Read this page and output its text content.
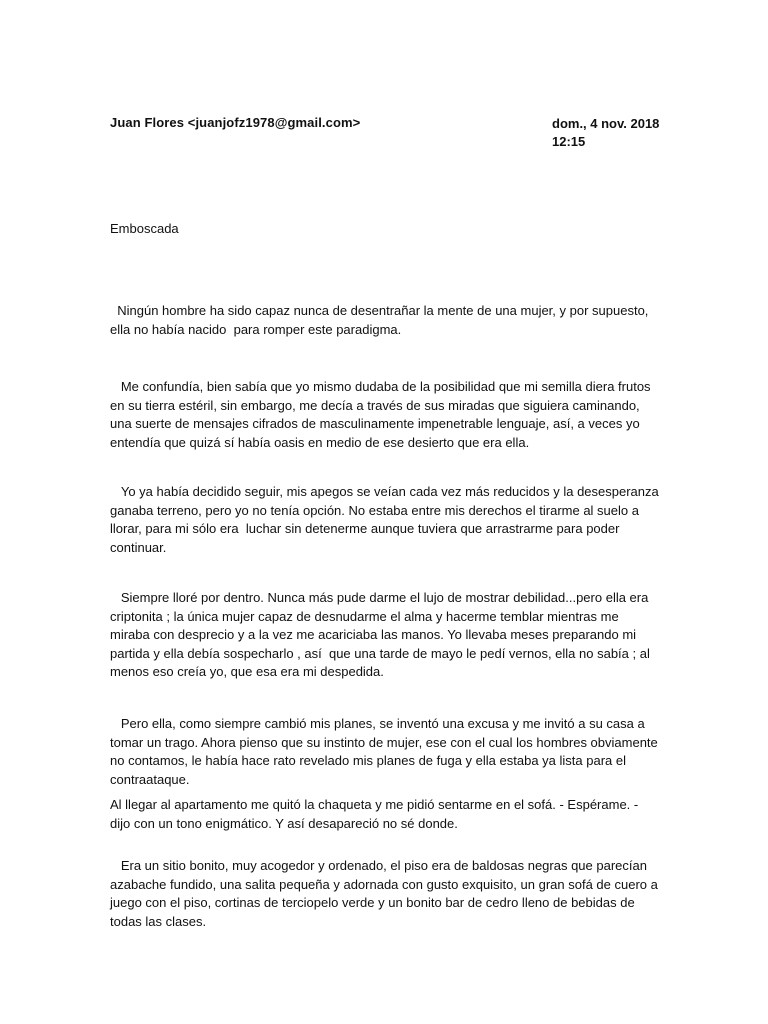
Juan Flores <juanjofz1978@gmail.com>	dom., 4 nov. 2018
12:15
Emboscada

Ningún hombre ha sido capaz nunca de desentrañar la mente de una mujer, y por supuesto, ella no había nacido  para romper este paradigma.

Me confundía, bien sabía que yo mismo dudaba de la posibilidad que mi semilla diera frutos en su tierra estéril, sin embargo, me decía a través de sus miradas que siguiera caminando, una suerte de mensajes cifrados de masculinamente impenetrable lenguaje, así, a veces yo entendía que quizá sí había oasis en medio de ese desierto que era ella.

Yo ya había decidido seguir, mis apegos se veían cada vez más reducidos y la desesperanza ganaba terreno, pero yo no tenía opción. No estaba entre mis derechos el tirarme al suelo a llorar, para mi sólo era  luchar sin detenerme aunque tuviera que arrastrarme para poder continuar.

Siempre lloré por dentro. Nunca más pude darme el lujo de mostrar debilidad...pero ella era criptonita ; la única mujer capaz de desnudarme el alma y hacerme temblar mientras me miraba con desprecio y a la vez me acariciaba las manos. Yo llevaba meses preparando mi partida y ella debía sospecharlo , así  que una tarde de mayo le pedí vernos, ella no sabía ; al menos eso creía yo, que esa era mi despedida.

Pero ella, como siempre cambió mis planes, se inventó una excusa y me invitó a su casa a tomar un trago. Ahora pienso que su instinto de mujer, ese con el cual los hombres obviamente no contamos, le había hace rato revelado mis planes de fuga y ella estaba ya lista para el contraataque.

Al llegar al apartamento me quitó la chaqueta y me pidió sentarme en el sofá. - Espérame. - dijo con un tono enigmático. Y así desapareció no sé donde.

Era un sitio bonito, muy acogedor y ordenado, el piso era de baldosas negras que parecían azabache fundido, una salita pequeña y adornada con gusto exquisito, un gran sofá de cuero a juego con el piso, cortinas de terciopelo verde y un bonito bar de cedro lleno de bebidas de todas las clases.
